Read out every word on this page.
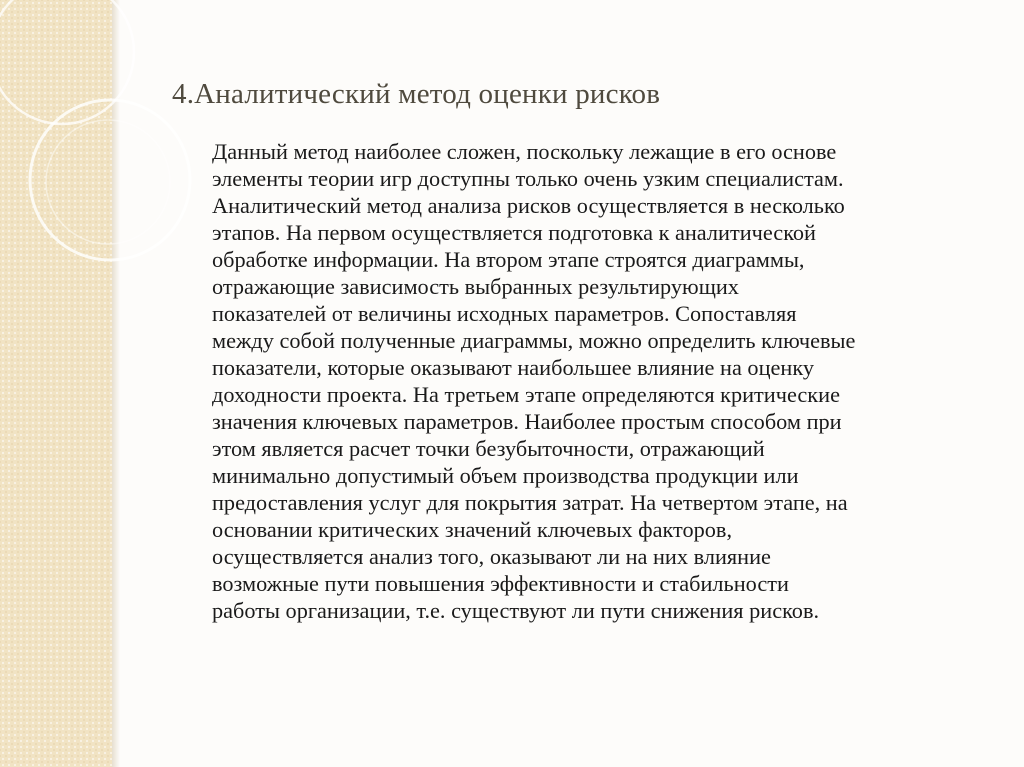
4.Аналитический метод оценки рисков

Данный метод наиболее сложен, поскольку лежащие в его основе
элементы теории игр доступны только очень узким специалистам.
Аналитический метод анализа рисков осуществляется в несколько
этапов. На первом осуществляется подготовка к аналитической
обработке информации. На втором этапе строятся диаграммы,
отражающие зависимость выбранных результирующих
показателей от величины исходных параметров. Сопоставляя
между собой полученные диаграммы, можно определить ключевые
показатели, которые оказывают наибольшее влияние на оценку
доходности проекта. На третьем этапе определяются критические
значения ключевых параметров. Наиболее простым способом при
этом является расчет точки безубыточности, отражающий
минимально допустимый объем производства продукции или
предоставления услуг для покрытия затрат. На четвертом этапе, на
основании критических значений ключевых факторов,
осуществляется анализ того, оказывают ли на них влияние
возможные пути повышения эффективности и стабильности
работы организации, т.е. существуют ли пути снижения рисков.
